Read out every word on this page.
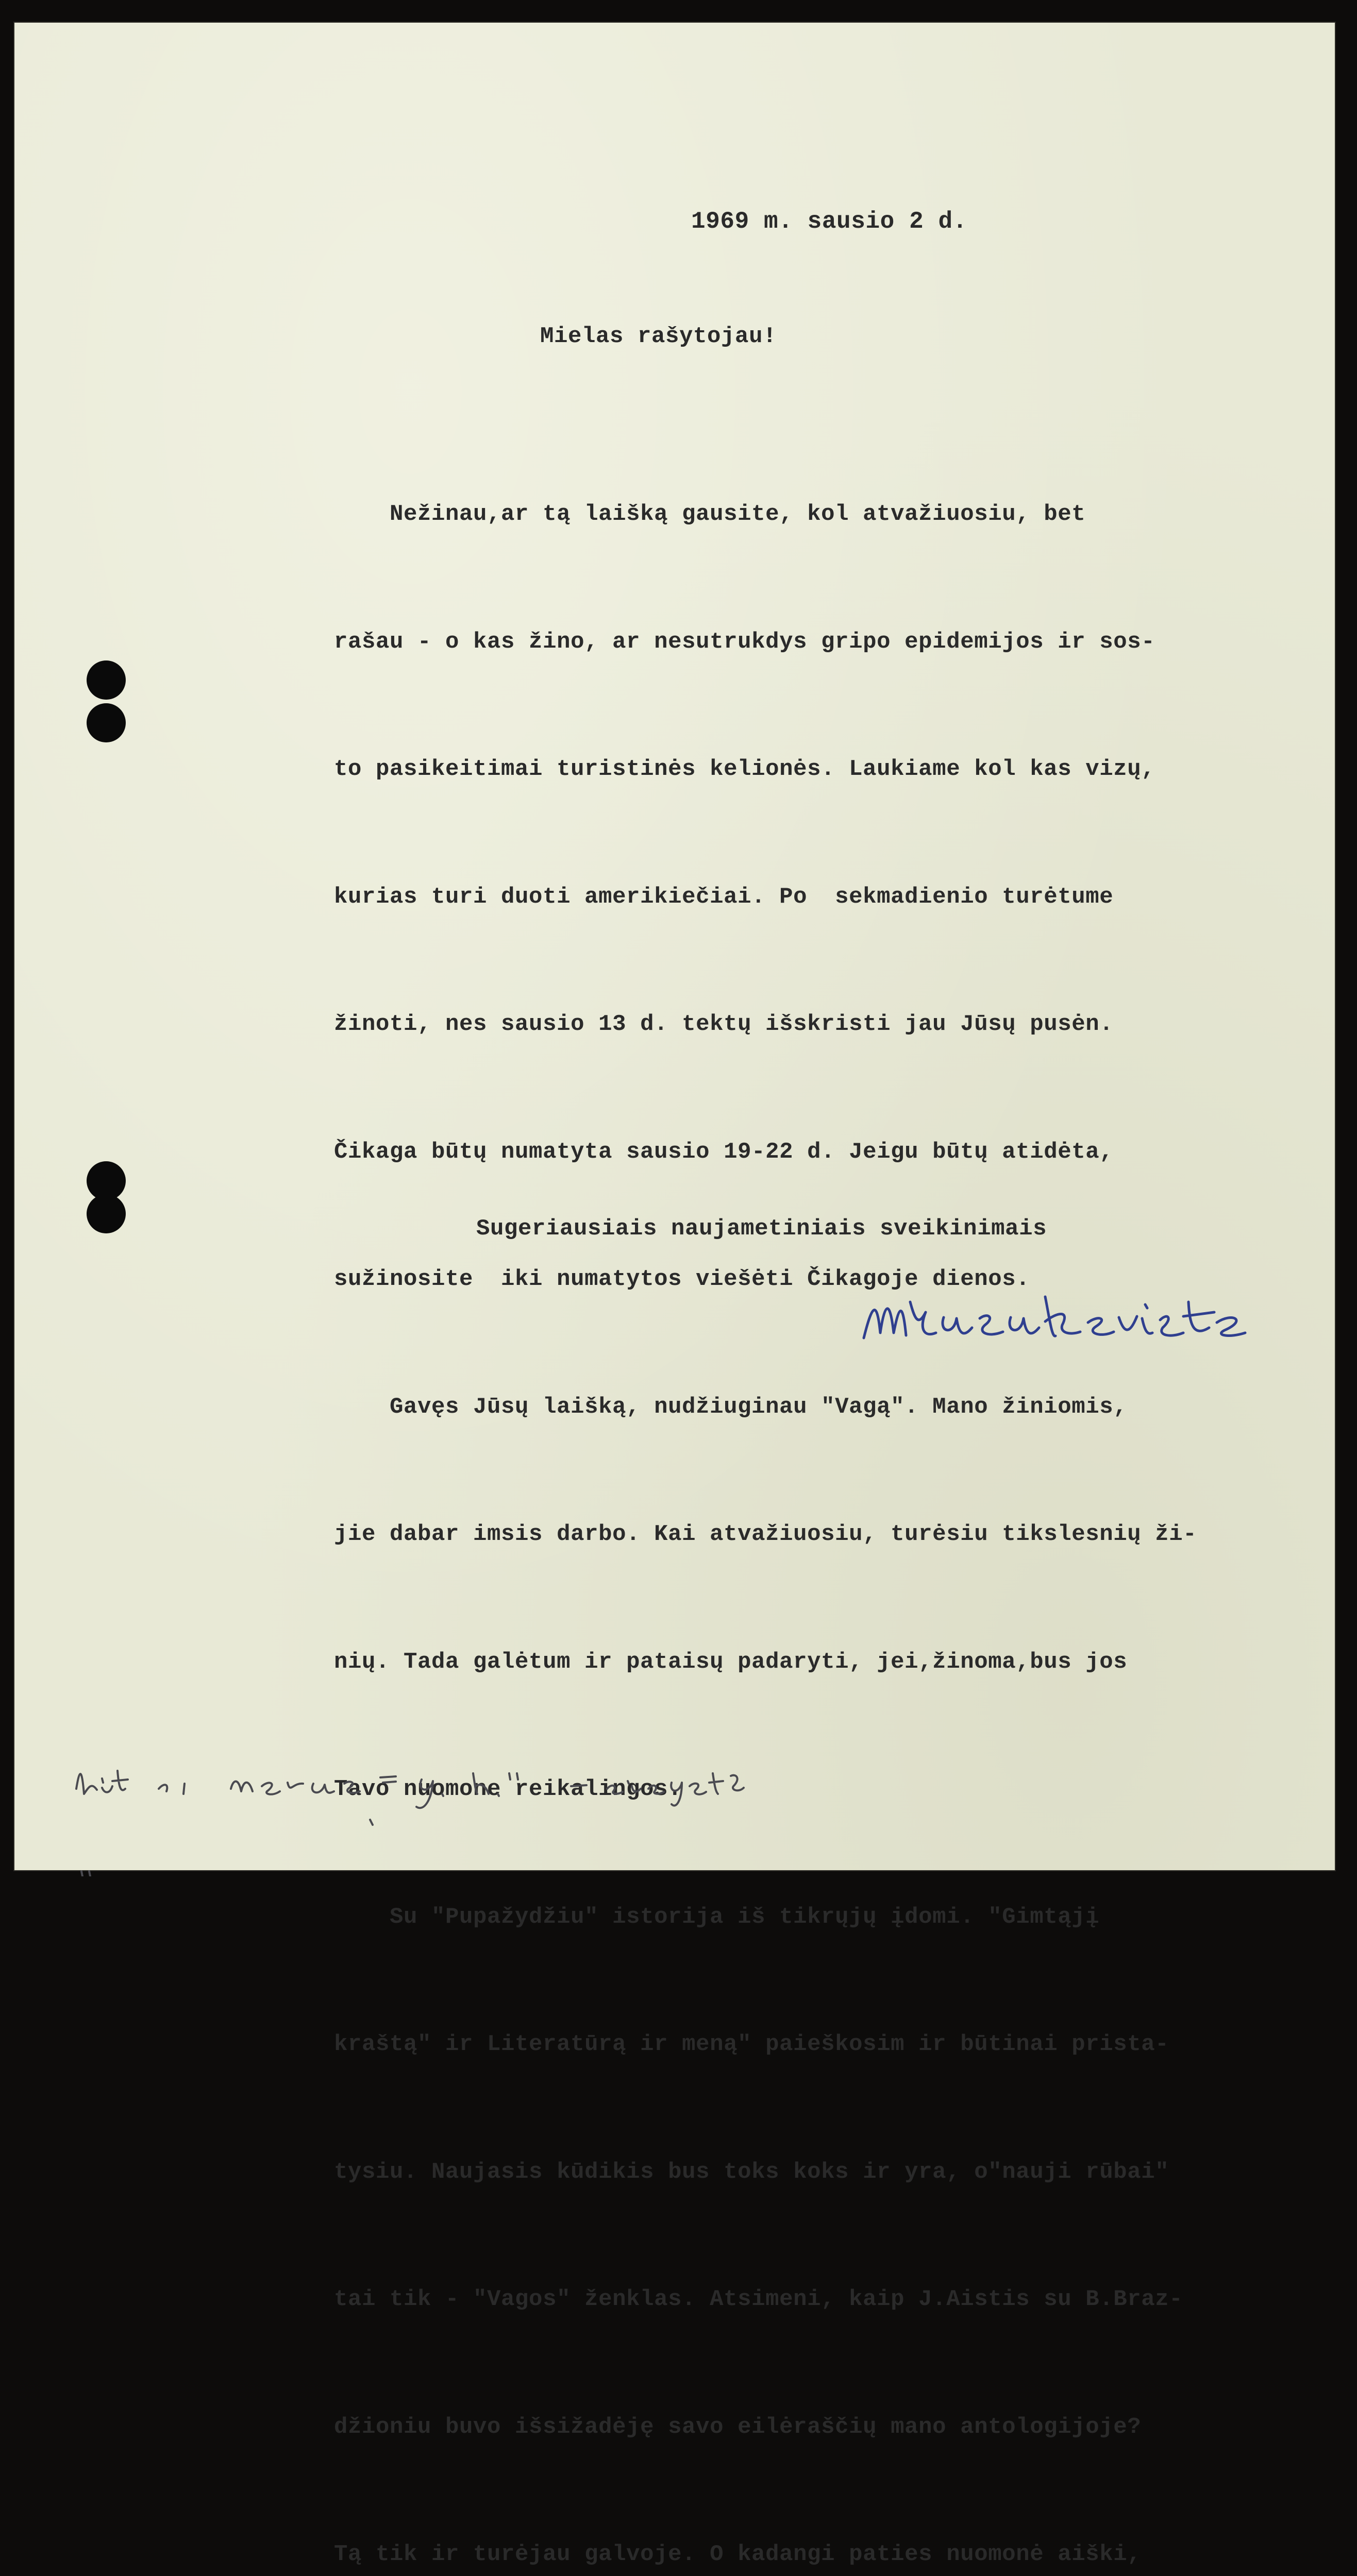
1969 m. sausio 2 d.
Mielas rašytojau!

Nežinau,ar tą laišką gausite, kol atvažiuosiu, bet

rašau - o kas žino, ar nesutrukdys gripo epidemijos ir sos-

to pasikeitimai turistinės kelionės. Laukiame kol kas vizų,

kurias turi duoti amerikiečiai. Po  sekmadienio turėtume

žinoti, nes sausio 13 d. tektų išskristi jau Jūsų pusėn.

Čikaga būtų numatyta sausio 19-22 d. Jeigu būtų atidėta,

sužinosite  iki numatytos viešėti Čikagoje dienos.

Gavęs Jūsų laišką, nudžiuginau "Vagą". Mano žiniomis,

jie dabar imsis darbo. Kai atvažiuosiu, turėsiu tikslesnių ži-

nių. Tada galėtum ir pataisų padaryti, jei,žinoma,bus jos

Tavo nuomone reikalingos.

Su "Pupažydžiu" istorija iš tikrųjų įdomi. "Gimtąjį

kraštą" ir Literatūrą ir meną" paieškosim ir būtinai prista-

tysiu. Naujasis kūdikis bus toks koks ir yra, o"nauji rūbai"

tai tik - "Vagos" ženklas. Atsimeni, kaip J.Aistis su B.Braz-

džioniu buvo išsižadėję savo eilėraščių mano antologijoje?

Tą tik ir turėjau galvoje. O kadangi paties nuomonė aiški,

Sugeriausiais naujametiniais sveikinimais
